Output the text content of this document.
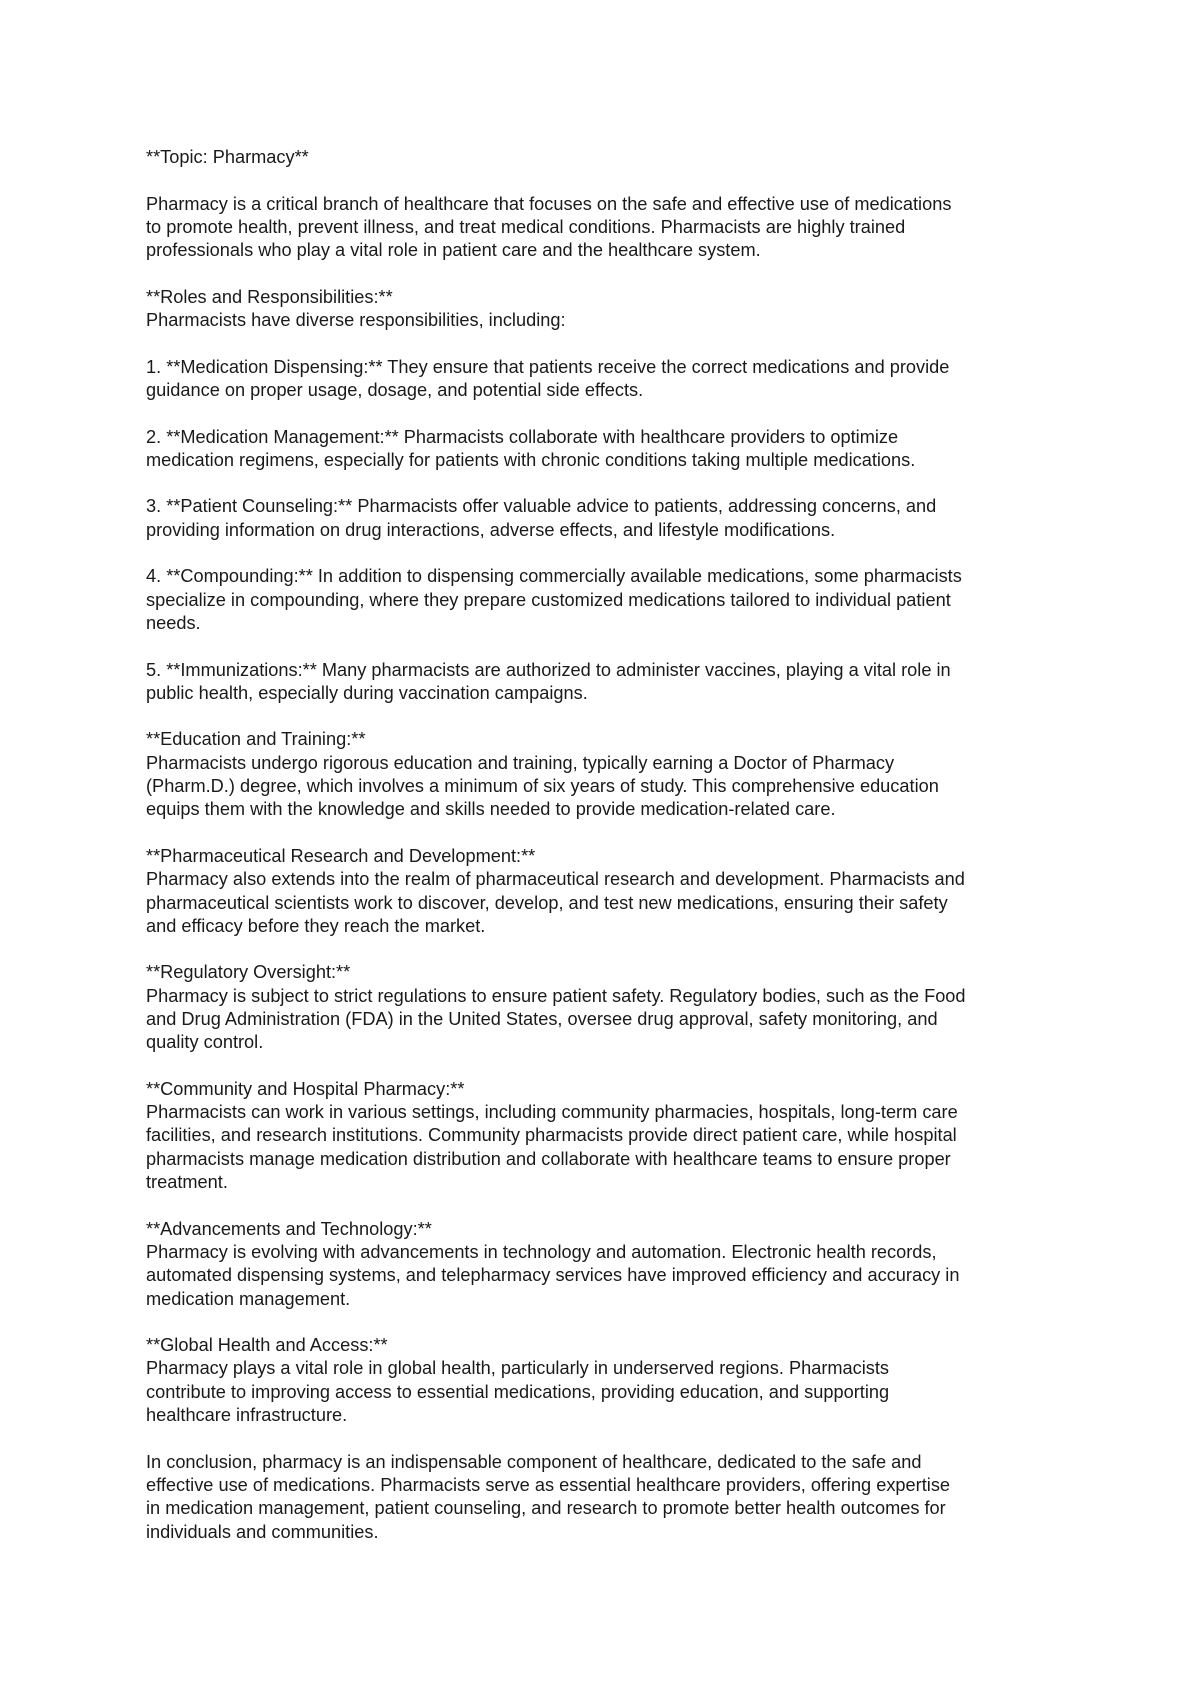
**Topic: Pharmacy**

Pharmacy is a critical branch of healthcare that focuses on the safe and effective use of medications
to promote health, prevent illness, and treat medical conditions. Pharmacists are highly trained
professionals who play a vital role in patient care and the healthcare system.

**Roles and Responsibilities:**
Pharmacists have diverse responsibilities, including:

1. **Medication Dispensing:** They ensure that patients receive the correct medications and provide
guidance on proper usage, dosage, and potential side effects.

2. **Medication Management:** Pharmacists collaborate with healthcare providers to optimize
medication regimens, especially for patients with chronic conditions taking multiple medications.

3. **Patient Counseling:** Pharmacists offer valuable advice to patients, addressing concerns, and
providing information on drug interactions, adverse effects, and lifestyle modifications.

4. **Compounding:** In addition to dispensing commercially available medications, some pharmacists
specialize in compounding, where they prepare customized medications tailored to individual patient
needs.

5. **Immunizations:** Many pharmacists are authorized to administer vaccines, playing a vital role in
public health, especially during vaccination campaigns.

**Education and Training:**
Pharmacists undergo rigorous education and training, typically earning a Doctor of Pharmacy
(Pharm.D.) degree, which involves a minimum of six years of study. This comprehensive education
equips them with the knowledge and skills needed to provide medication-related care.

**Pharmaceutical Research and Development:**
Pharmacy also extends into the realm of pharmaceutical research and development. Pharmacists and
pharmaceutical scientists work to discover, develop, and test new medications, ensuring their safety
and efficacy before they reach the market.

**Regulatory Oversight:**
Pharmacy is subject to strict regulations to ensure patient safety. Regulatory bodies, such as the Food
and Drug Administration (FDA) in the United States, oversee drug approval, safety monitoring, and
quality control.

**Community and Hospital Pharmacy:**
Pharmacists can work in various settings, including community pharmacies, hospitals, long-term care
facilities, and research institutions. Community pharmacists provide direct patient care, while hospital
pharmacists manage medication distribution and collaborate with healthcare teams to ensure proper
treatment.

**Advancements and Technology:**
Pharmacy is evolving with advancements in technology and automation. Electronic health records,
automated dispensing systems, and telepharmacy services have improved efficiency and accuracy in
medication management.

**Global Health and Access:**
Pharmacy plays a vital role in global health, particularly in underserved regions. Pharmacists
contribute to improving access to essential medications, providing education, and supporting
healthcare infrastructure.

In conclusion, pharmacy is an indispensable component of healthcare, dedicated to the safe and
effective use of medications. Pharmacists serve as essential healthcare providers, offering expertise
in medication management, patient counseling, and research to promote better health outcomes for
individuals and communities.
